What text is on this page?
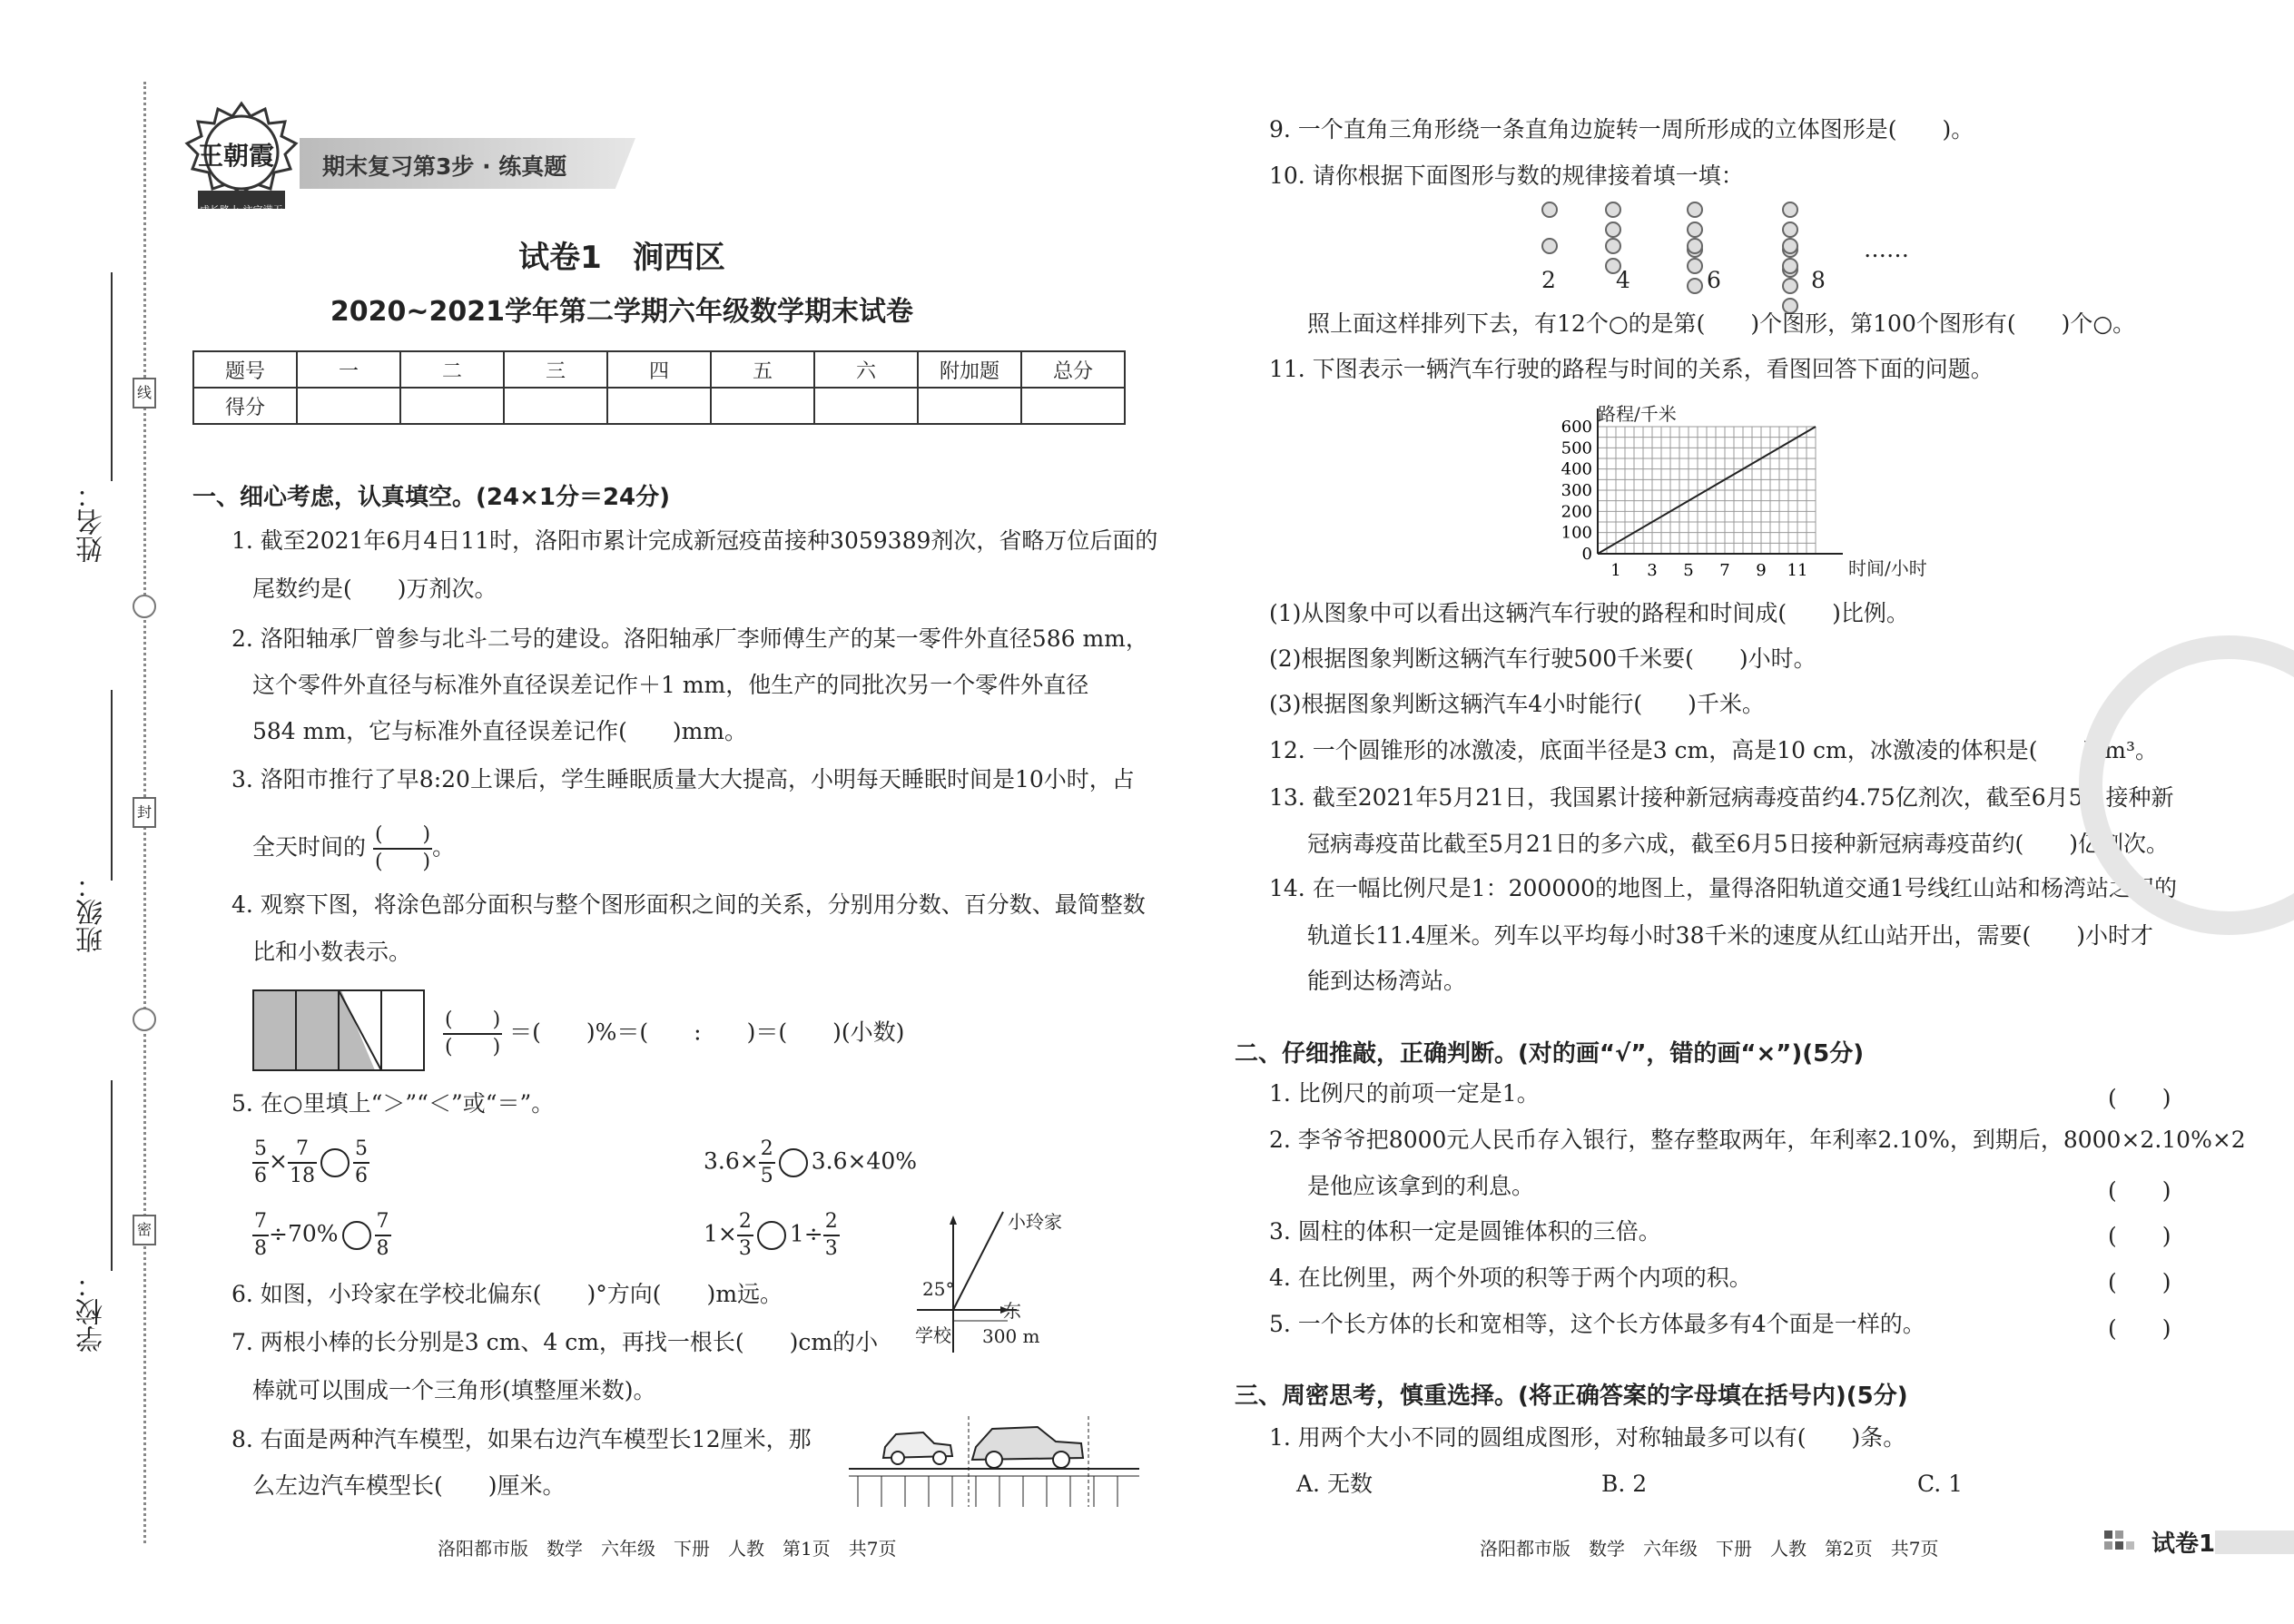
线
封
密
姓名：
班级：
学校：
王朝霞
成长路上 注定满天
期末复习第3步 · 练真题
试卷1　涧西区
2020~2021学年第二学期六年级数学期末试卷
题号	一	二	三	四	五	六	附加题	总分
得分								
一、细心考虑，认真填空。(24×1分＝24分)
1. 截至2021年6月4日11时，洛阳市累计完成新冠疫苗接种3059389剂次，省略万位后面的
尾数约是(　　)万剂次。
2. 洛阳轴承厂曾参与北斗二号的建设。洛阳轴承厂李师傅生产的某一零件外直径586 mm，
这个零件外直径与标准外直径误差记作＋1 mm，他生产的同批次另一个零件外直径
584 mm，它与标准外直径误差记作(　　)mm。
3. 洛阳市推行了早8:20上课后，学生睡眠质量大大提高，小明每天睡眠时间是10小时，占
全天时间的 $\frac{( )}{( )}$ 。
4. 观察下图，将涂色部分面积与整个图形面积之间的关系，分别用分数、百分数、最简整数
比和小数表示。
$\frac{( )}{( )}$ ＝(　　)%＝(　　:　　)＝(　　)(小数)
5. 在○里填上“＞”“＜”或“＝”。
$\frac{5}{6} \times \frac{7}{18} \frac{5}{6}$	$3.6\times \frac{2}{5} 3.6\times 40\%$
$\frac{7}{8} \div 70\% \frac{7}{8}$	$1\times \frac{2}{3} 1\div \frac{2}{3}$
6. 如图，小玲家在学校北偏东(　　)°方向(　　)m远。
小玲家
东
学校
25°
300 m
7. 两根小棒的长分别是3 cm、4 cm，再找一根长(　　)cm的小
棒就可以围成一个三角形(填整厘米数)。
8. 右面是两种汽车模型，如果右边汽车模型长12厘米，那
么左边汽车模型长(　　)厘米。
9. 一个直角三角形绕一条直角边旋转一周所形成的立体图形是(　　)。
10. 请你根据下面图形与数的规律接着填一填：
……
2	4	6	8
照上面这样排列下去，有12个○的是第(　　)个图形，第100个图形有(　　)个○。
11. 下图表示一辆汽车行驶的路程与时间的关系，看图回答下面的问题。
0
100
200
300
400
500
600
1 3 5 7 9 11
路程/千米
时间/小时
(1)从图象中可以看出这辆汽车行驶的路程和时间成(　　)比例。
(2)根据图象判断这辆汽车行驶500千米要(　　)小时。
(3)根据图象判断这辆汽车4小时能行(　　)千米。
12. 一个圆锥形的冰激凌，底面半径是3 cm，高是10 cm，冰激凌的体积是(　　)cm³。
13. 截至2021年5月21日，我国累计接种新冠病毒疫苗约4.75亿剂次，截至6月5日接种新
冠病毒疫苗比截至5月21日的多六成，截至6月5日接种新冠病毒疫苗约(　　)亿剂次。
14. 在一幅比例尺是1：200000的地图上，量得洛阳轨道交通1号线红山站和杨湾站之间的
轨道长11.4厘米。列车以平均每小时38千米的速度从红山站开出，需要(　　)小时才
能到达杨湾站。
二、仔细推敲，正确判断。(对的画“√”，错的画“×”)(5分)
1. 比例尺的前项一定是1。	(　　)
2. 李爷爷把8000元人民币存入银行，整存整取两年，年利率2.10%，到期后，8000×2.10%×2
是他应该拿到的利息。	(　　)
3. 圆柱的体积一定是圆锥体积的三倍。	(　　)
4. 在比例里，两个外项的积等于两个内项的积。	(　　)
5. 一个长方体的长和宽相等，这个长方体最多有4个面是一样的。	(　　)
三、周密思考，慎重选择。(将正确答案的字母填在括号内)(5分)
1. 用两个大小不同的圆组成图形，对称轴最多可以有(　　)条。
A. 无数	B. 2	C. 1
洛阳都市版　数学　六年级　下册　人教　第1页　共7页	洛阳都市版　数学　六年级　下册　人教　第2页　共7页	试卷1
